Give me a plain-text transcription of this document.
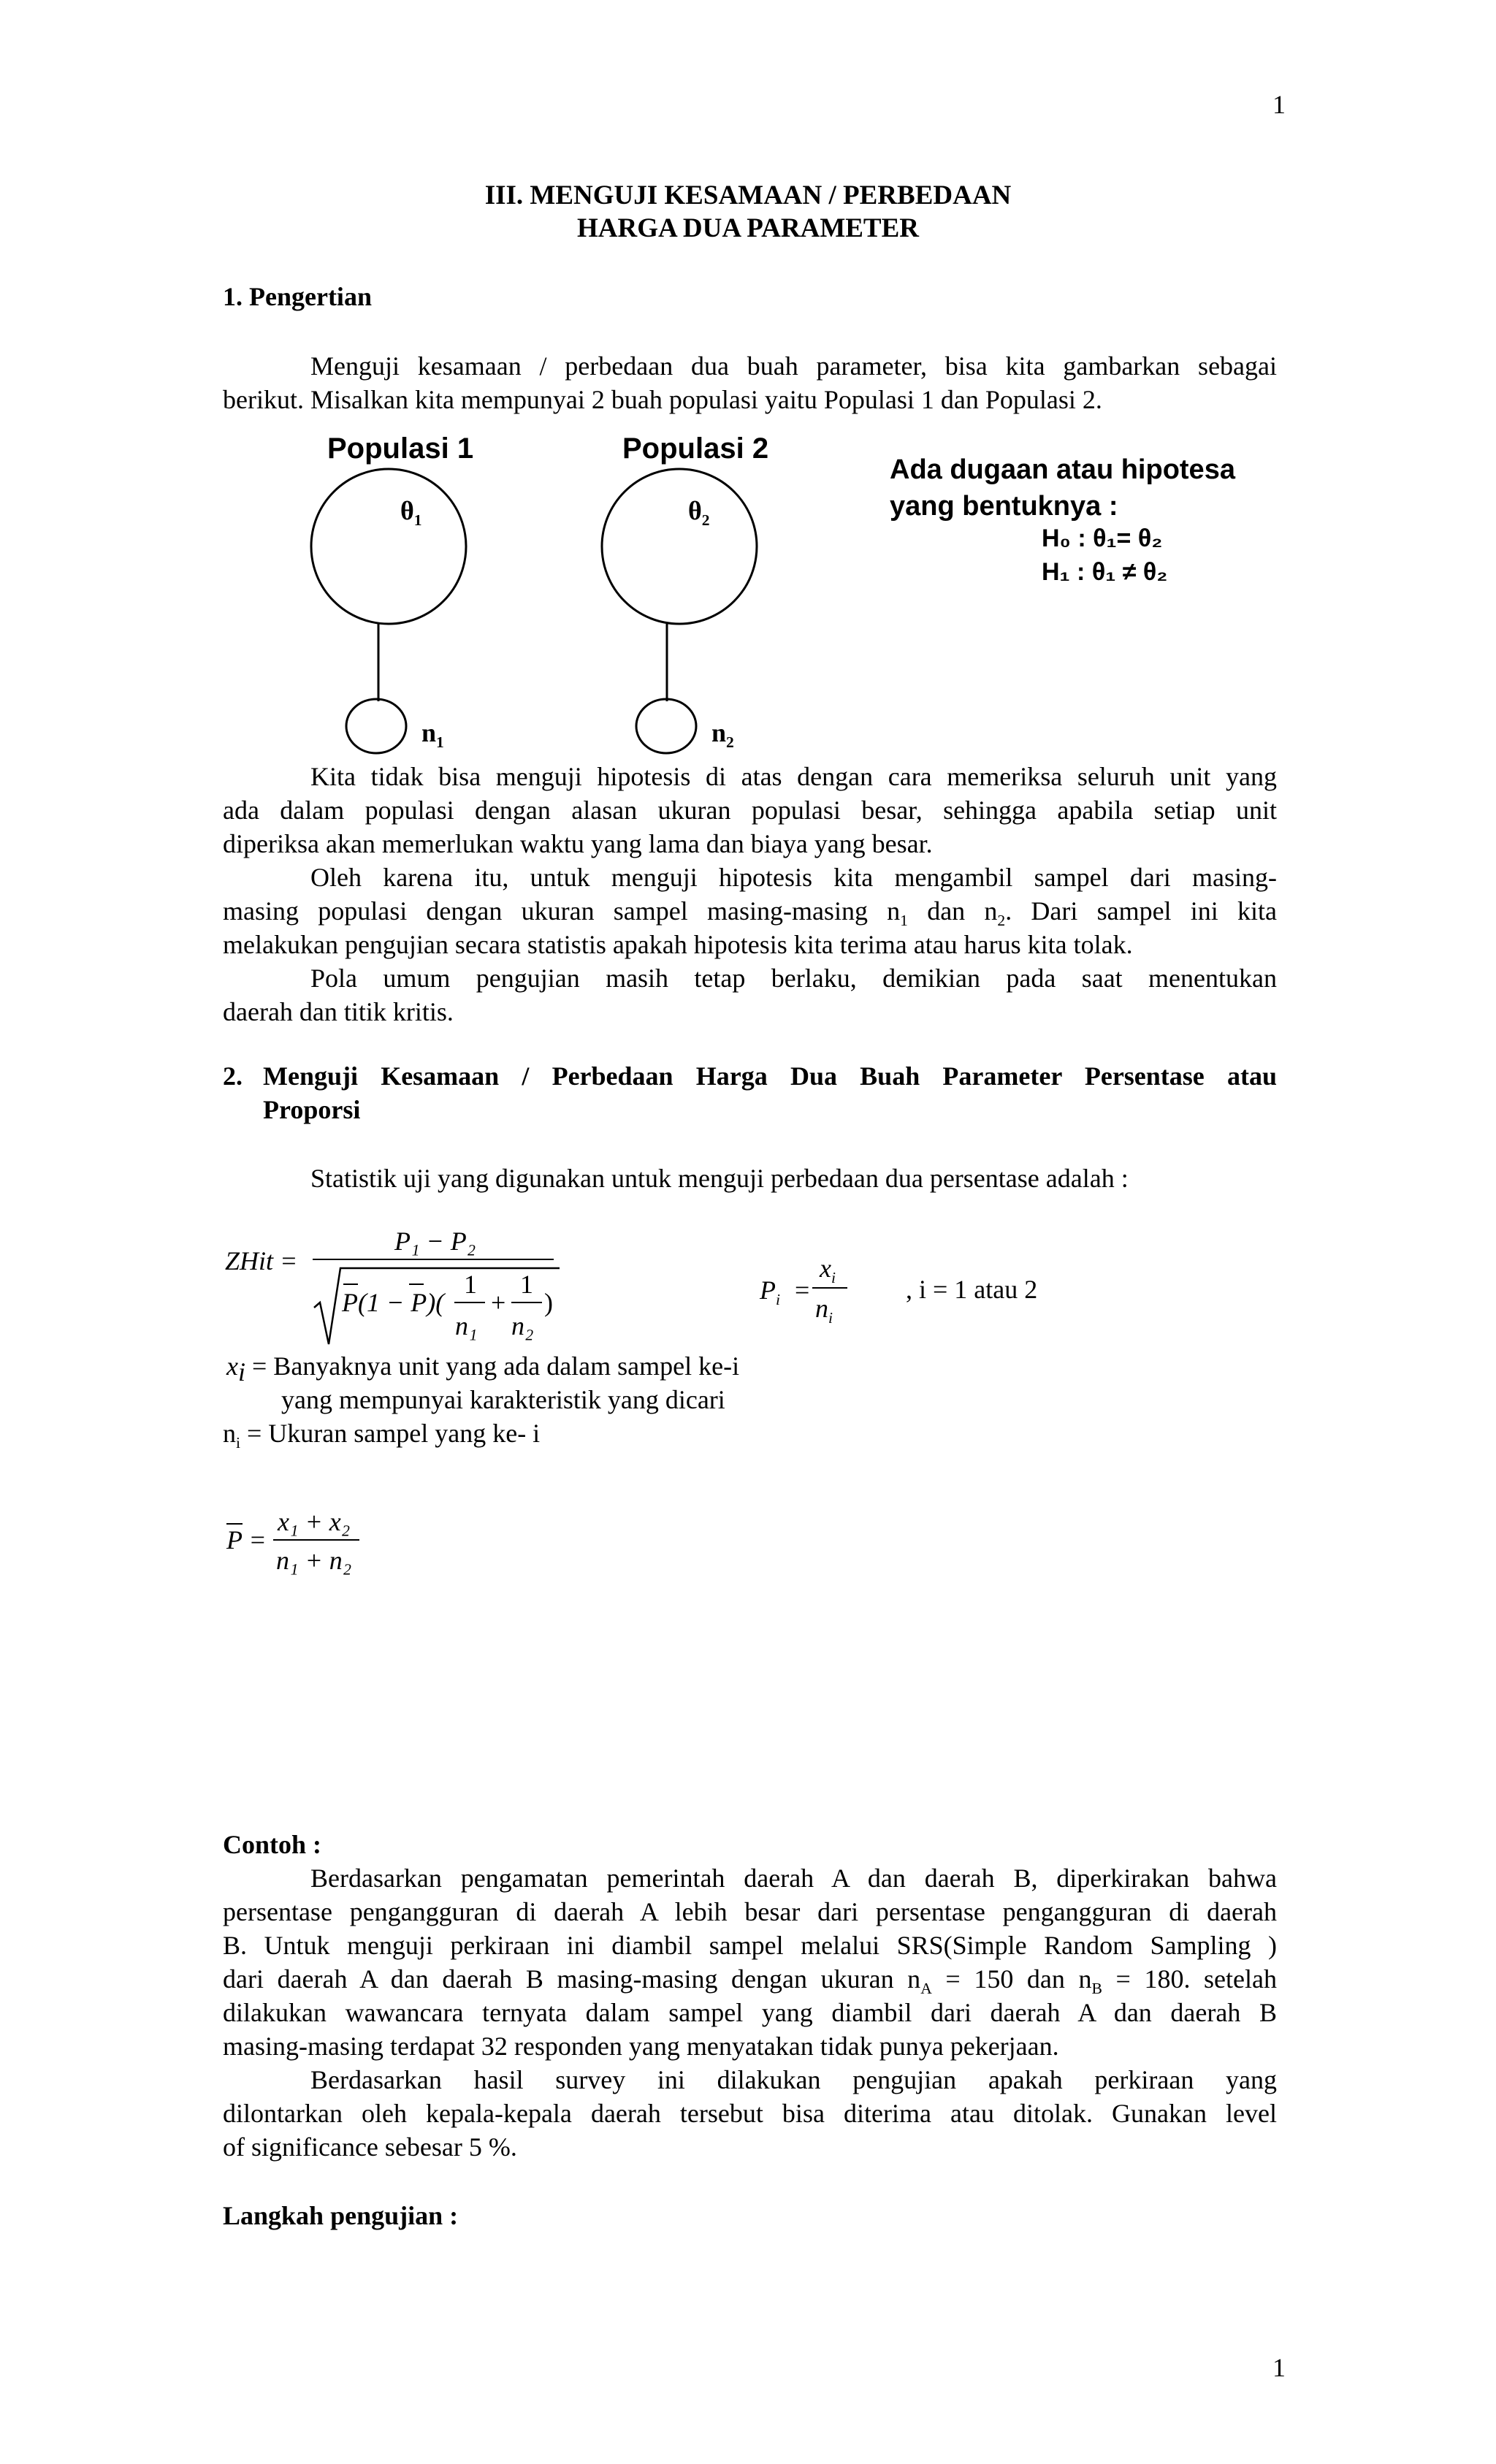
1
1
III. MENGUJI KESAMAAN / PERBEDAAN
HARGA DUA PARAMETER
1. Pengertian
Menguji kesamaan / perbedaan dua buah parameter, bisa kita gambarkan sebagai
berikut. Misalkan kita mempunyai 2 buah populasi yaitu Populasi 1 dan Populasi 2.
Populasi 1	Populasi 2
$\theta_1$	$\theta_2$
$n_1$	$n_2$
Ada dugaan atau hipotesa
yang bentuknya :
H₀ : θ₁= θ₂
H₁ : θ₁ ≠ θ₂
Kita tidak bisa menguji hipotesis di atas dengan cara memeriksa seluruh unit yang
ada dalam populasi dengan alasan ukuran populasi besar, sehingga apabila setiap unit
diperiksa akan memerlukan waktu yang lama dan biaya yang besar.
Oleh karena itu, untuk menguji hipotesis kita mengambil sampel dari masing-
masing populasi dengan ukuran sampel masing-masing $n_1$ dan $n_2$. Dari sampel ini kita
melakukan pengujian secara statistis apakah hipotesis kita terima atau harus kita tolak.
Pola umum pengujian masih tetap berlaku, demikian pada saat menentukan
daerah dan titik kritis.
2. Menguji Kesamaan / Perbedaan Harga Dua Buah Parameter Persentase atau
Proporsi
Statistik uji yang digunakan untuk menguji perbedaan dua persentase adalah :
ZHit =
P₁ − P₂
P(1 − P)(
1
n₁
+
1
n₂
)	$P_i$ =
$x_i$
$n_i$
, i = 1 atau 2
$x_i$ = Banyaknya unit yang ada dalam sampel ke-i
yang mempunyai karakteristik yang dicari
$n_i$ = Ukuran sampel yang ke- i
P =
x₁ + x₂
n₁ + n₂
Contoh :
Berdasarkan pengamatan pemerintah daerah A dan daerah B, diperkirakan bahwa
persentase pengangguran di daerah A lebih besar dari persentase pengangguran di daerah
B. Untuk menguji perkiraan ini diambil sampel melalui SRS(Simple Random Sampling )
dari daerah A dan daerah B masing-masing dengan ukuran $n_A = 150$ dan $n_B = 180$. setelah
dilakukan wawancara ternyata dalam sampel yang diambil dari daerah A dan daerah B
masing-masing terdapat 32 responden yang menyatakan tidak punya pekerjaan.
Berdasarkan hasil survey ini dilakukan pengujian apakah perkiraan yang
dilontarkan oleh kepala-kepala daerah tersebut bisa diterima atau ditolak. Gunakan level
of significance sebesar 5 %.
Langkah pengujian :
